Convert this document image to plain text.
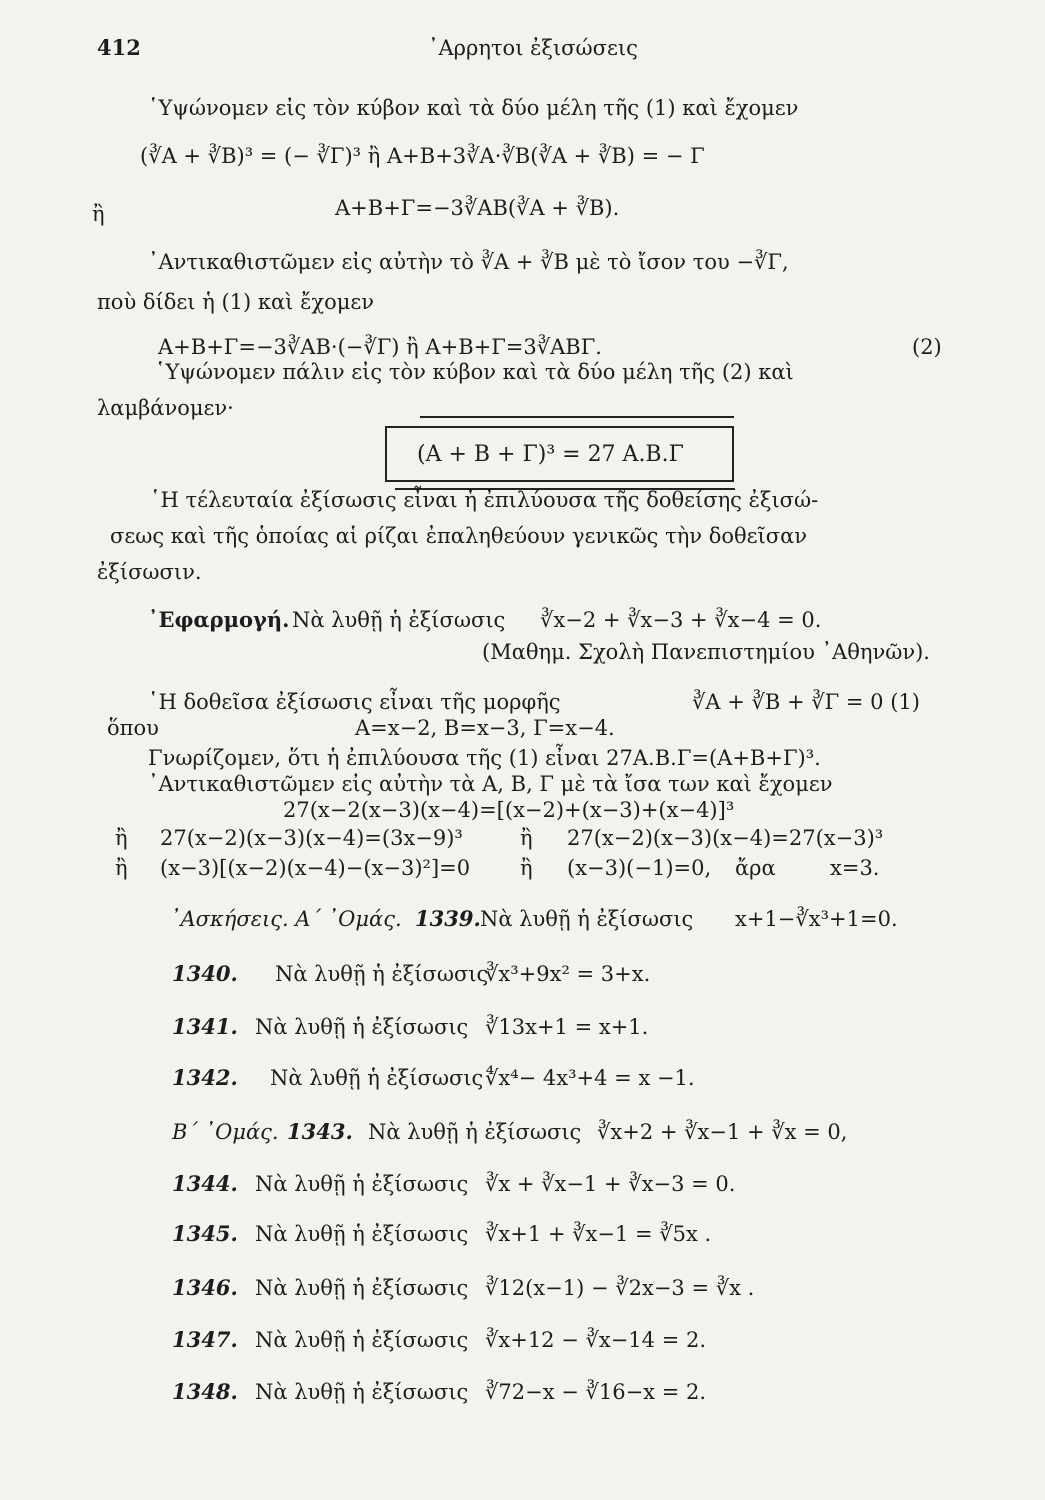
412	᾿Αρρητοι ἐξισώσεις
῾Υψώνομεν εἰς τὸν κύβον καὶ τὰ δύο μέλη τῆς (1) καὶ ἔχομεν
(∛A + ∛B)³ = (− ∛Γ)³ ἢ A+B+3∛A·∛B(∛A + ∛B) = − Γ
ἢ	A+B+Γ=−3∛AB(∛A + ∛B).
᾿Αντικαθιστῶμεν εἰς αὐτὴν τὸ ∛A + ∛B μὲ τὸ ἴσον του −∛Γ,
ποὺ δίδει ἡ (1) καὶ ἔχομεν
A+B+Γ=−3∛AB·(−∛Γ) ἢ A+B+Γ=3∛ABΓ.	(2)
῾Υψώνομεν πάλιν εἰς τὸν κύβον καὶ τὰ δύο μέλη τῆς (2) καὶ
λαμβάνομεν·
(A + B + Γ)³ = 27 A.B.Γ
῾Η τέλευταία ἐξίσωσις εἶναι ἡ ἐπιλύουσα τῆς δοθείσης ἐξισώ-
σεως καὶ τῆς ὁποίας αἱ ρίζαι ἐπαληθεύουν γενικῶς τὴν δοθεῖσαν
ἐξίσωσιν.
᾿Εφαρμογή. Νὰ λυθῇ ἡ ἐξίσωσις ∛x−2 + ∛x−3 + ∛x−4 = 0.
(Μαθημ. Σχολὴ Πανεπιστημίου ᾿Αθηνῶν).
῾Η δοθεῖσα ἐξίσωσις εἶναι τῆς μορφῆς	∛A + ∛B + ∛Γ = 0 (1)
ὅπου	A=x−2, B=x−3, Γ=x−4.
Γνωρίζομεν, ὅτι ἡ ἐπιλύουσα τῆς (1) εἶναι 27A.B.Γ=(A+B+Γ)³.
᾿Αντικαθιστῶμεν εἰς αὐτὴν τὰ A, B, Γ μὲ τὰ ἴσα των καὶ ἔχομεν
27(x−2(x−3)(x−4)=[(x−2)+(x−3)+(x−4)]³
ἢ 27(x−2)(x−3)(x−4)=(3x−9)³	ἢ 27(x−2)(x−3)(x−4)=27(x−3)³
ἢ (x−3)[(x−2)(x−4)−(x−3)²]=0 ἢ (x−3)(−1)=0, ἄρα	x=3.
᾿Ασκήσεις. Α΄ ᾿Ομάς. 1339. Νὰ λυθῇ ἡ ἐξίσωσις x+1−∛x³+1=0.
1340. Νὰ λυθῇ ἡ ἐξίσωσις
∛x³+9x² = 3+x.
1341. Νὰ λυθῇ ἡ ἐξίσωσις ∛13x+1 = x+1.
1342. Νὰ λυθῇ ἡ ἐξίσωσις ∜x⁴− 4x³+4 = x −1.
Β΄ ᾿Ομάς. 1343. Νὰ λυθῇ ἡ ἐξίσωσις ∛x+2 + ∛x−1 + ∛x = 0,
1344. Νὰ λυθῇ ἡ ἐξίσωσις ∛x + ∛x−1 + ∛x−3 = 0.
1345. Νὰ λυθῇ ἡ ἐξίσωσις ∛x+1 + ∛x−1 = ∛5x .
1346. Νὰ λυθῇ ἡ ἐξίσωσις ∛12(x−1) − ∛2x−3 = ∛x .
1347. Νὰ λυθῇ ἡ ἐξίσωσις ∛x+12 − ∛x−14 = 2.
1348. Νὰ λυθῇ ἡ ἐξίσωσις ∛72−x − ∛16−x = 2.
